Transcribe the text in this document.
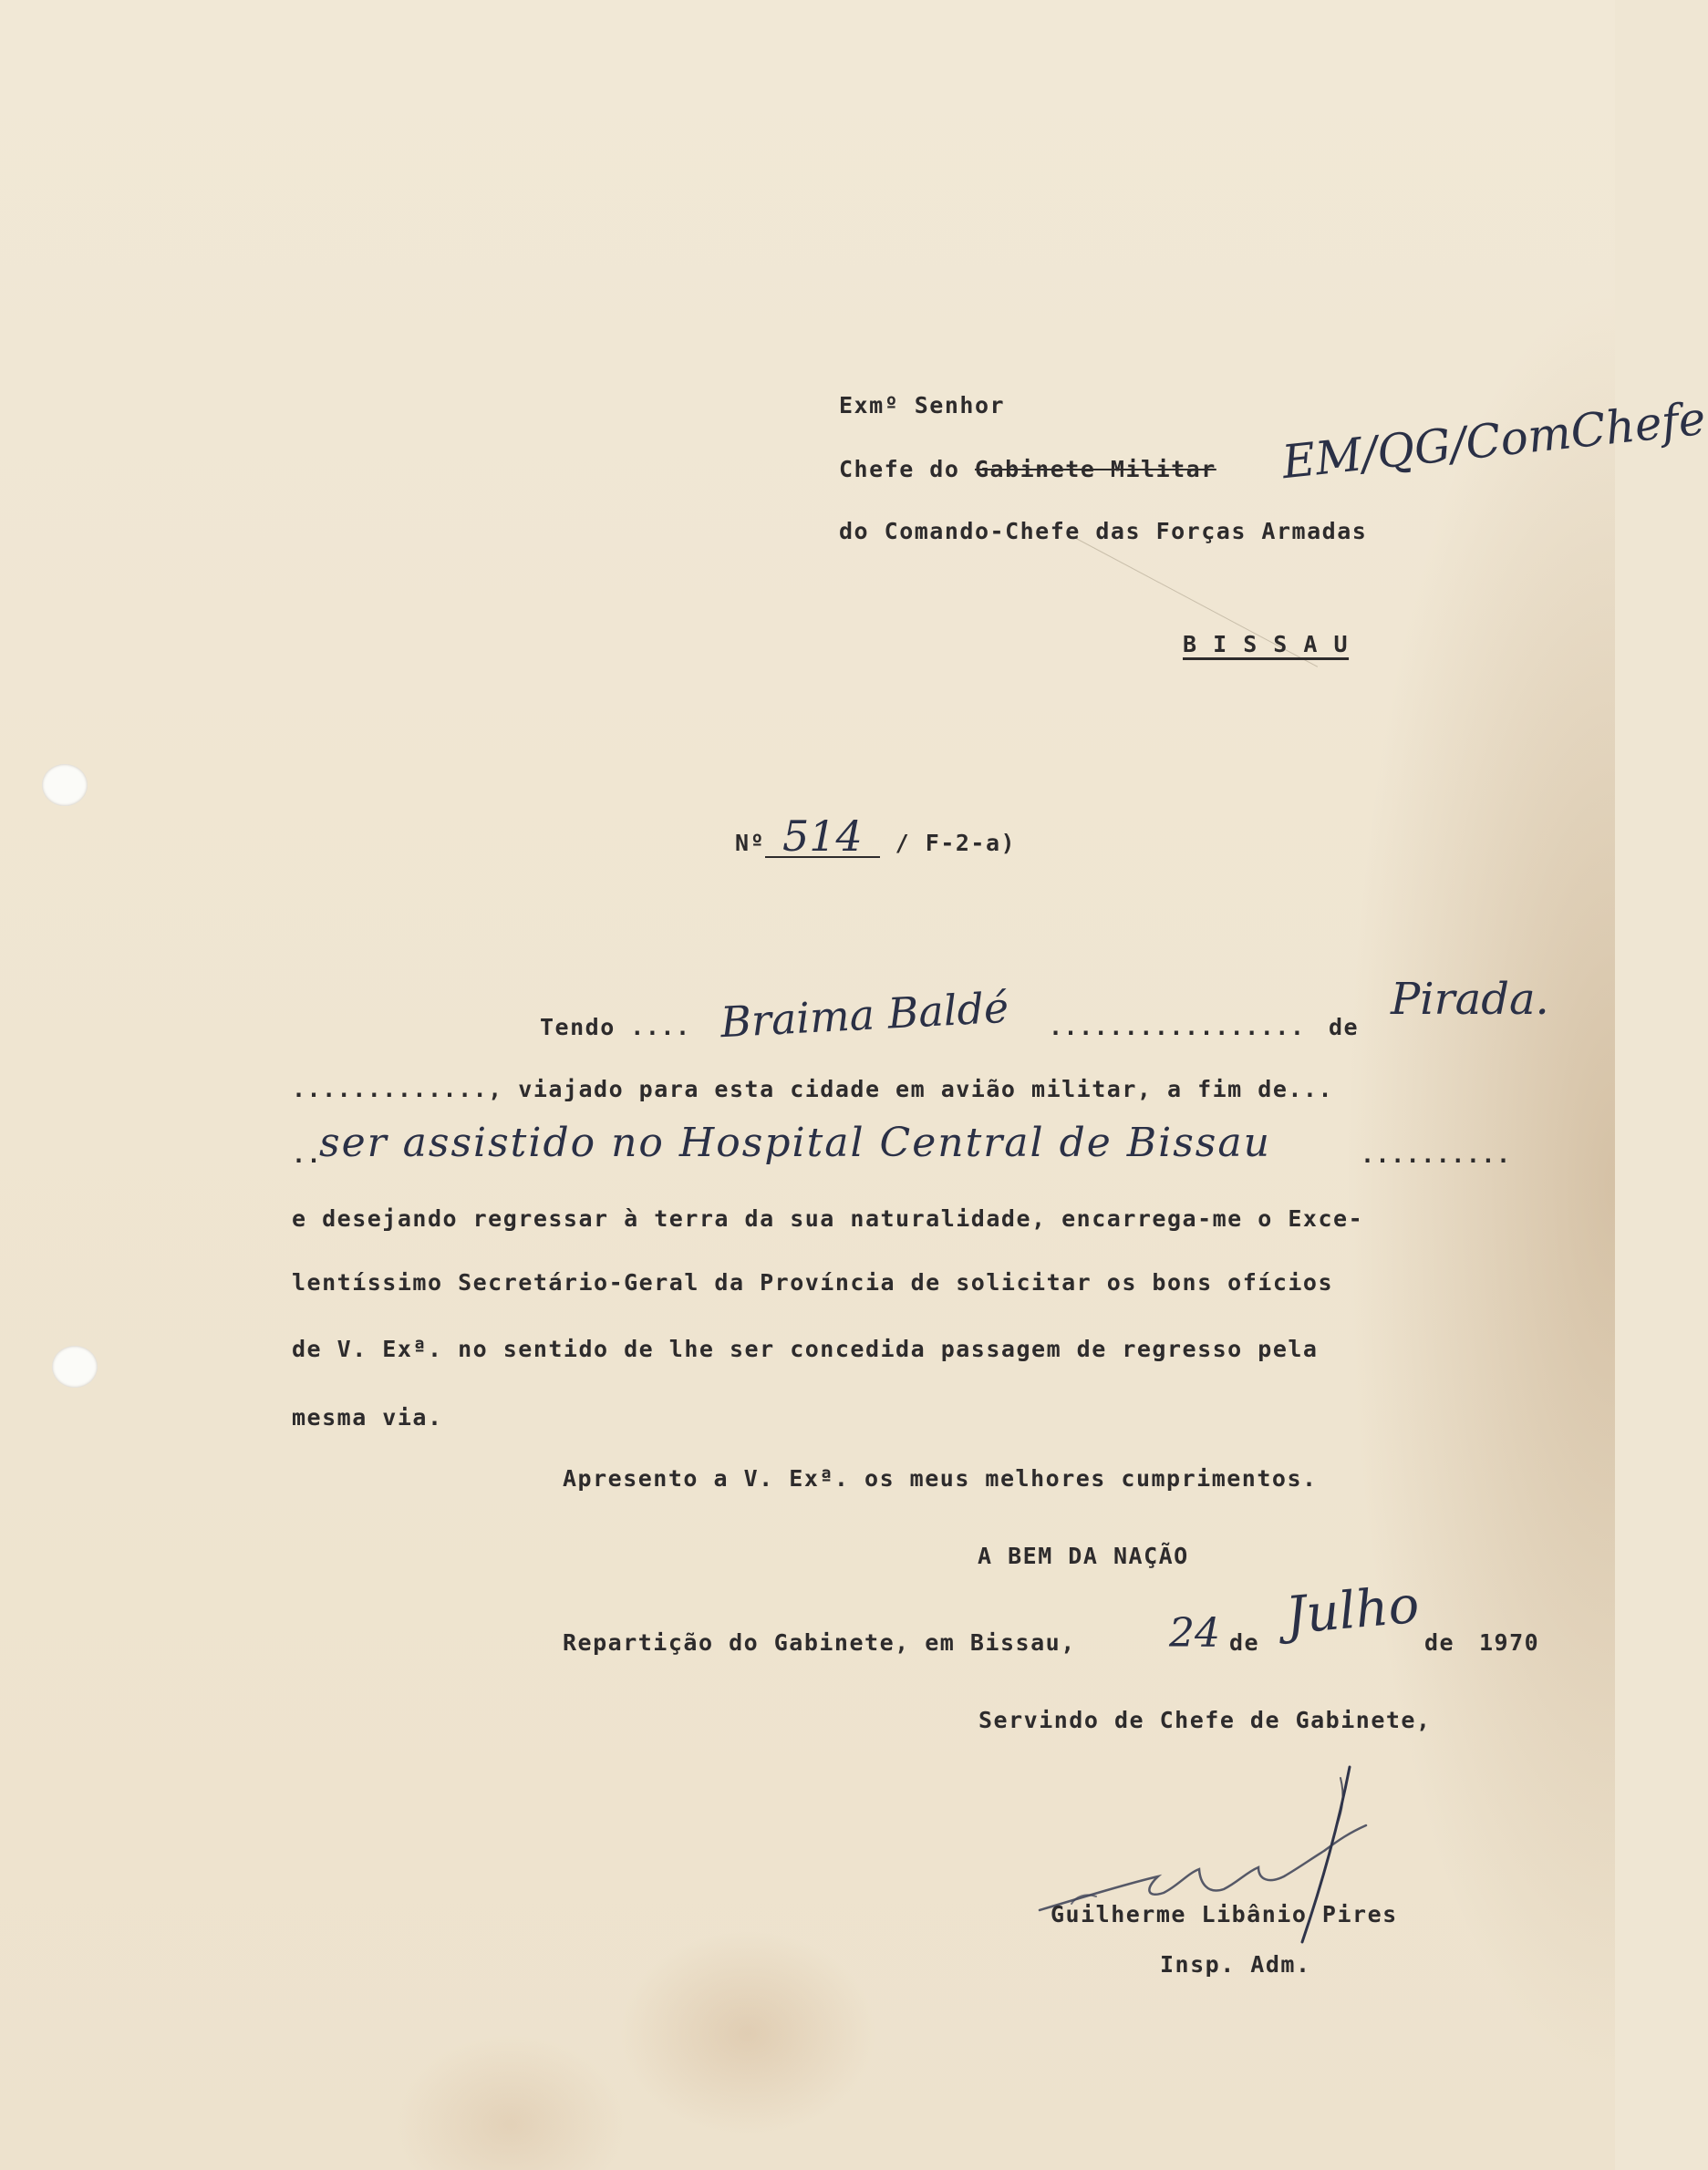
Exmº Senhor
Chefe do Gabinete Militar EM/QG/ComChefe
do Comando-Chefe das Forças Armadas
B I S S A U
Nº	/ F-2-a)
514
Tendo .... Braima Baldé ................. de
Pirada.
............., viajado para esta cidade em avião militar, a fim de...
..
ser assistido no Hospital Central de Bissau	..........
e desejando regressar à terra da sua naturalidade, encarrega-me o Exce-
lentíssimo Secretário-Geral da Província de solicitar os bons ofícios
de V. Exª. no sentido de lhe ser concedida passagem de regresso pela
mesma via.
Apresento a V. Exª. os meus melhores cumprimentos.
A BEM DA NAÇÃO
Repartição do Gabinete, em Bissau, 24 de Julho de 1970
Servindo de Chefe de Gabinete,
Guilherme Libânio Pires
Insp. Adm.
